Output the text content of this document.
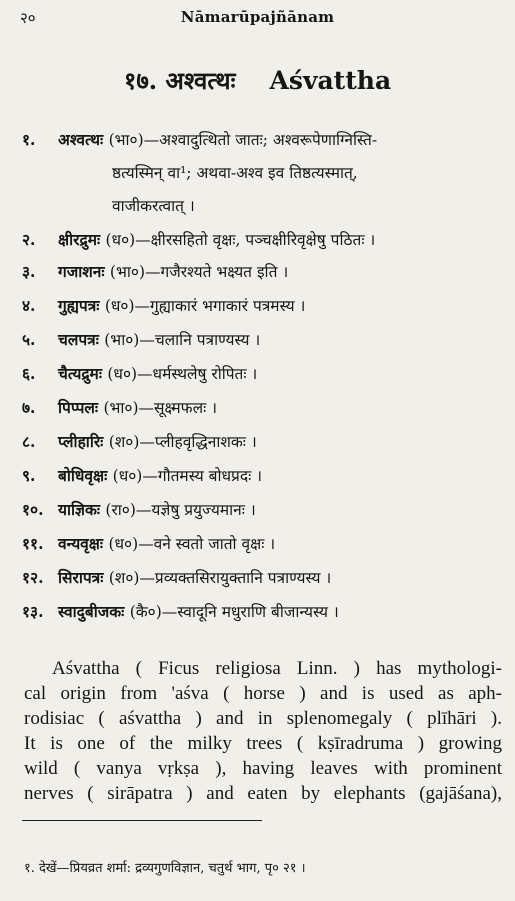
२०	Nāmarūpajñānam
१७. अश्वत्थः Aśvattha
१. अश्वत्थः (भा०)—अश्वादुत्थितो जातः; अश्वरूपेणाग्निस्ति-
ष्ठत्यस्मिन् वा¹; अथवा-अश्व इव तिष्ठत्यस्मात्,
वाजीकरत्वात् ।
२. क्षीरद्रुमः (ध०)—क्षीरसहितो वृक्षः, पञ्चक्षीरिवृक्षेषु पठितः ।
३. गजाशनः (भा०)—गजैरश्यते भक्ष्यत इति ।
४. गुह्यपत्रः (ध०)—गुह्याकारं भगाकारं पत्रमस्य ।
५. चलपत्रः (भा०)—चलानि पत्राण्यस्य ।
६. चैत्यद्रुमः (ध०)—धर्मस्थलेषु रोपितः ।
७. पिप्पलः (भा०)—सूक्ष्मफलः ।
८. प्लीहारिः (श०)—प्लीहवृद्धिनाशकः ।
९. बोधिवृक्षः (ध०)—गौतमस्य बोधप्रदः ।
१०. याज्ञिकः (रा०)—यज्ञेषु प्रयुज्यमानः ।
११. वन्यवृक्षः (ध०)—वने स्वतो जातो वृक्षः ।
१२. सिरापत्रः (श०)—प्रव्यक्तसिरायुक्तानि पत्राण्यस्य ।
१३. स्वादुबीजकः (कै०)—स्वादूनि मधुराणि बीजान्यस्य ।
Aśvattha ( Ficus religiosa Linn. ) has mythologi-
cal origin from 'aśva ( horse ) and is used as aph-
rodisiac ( aśvattha ) and in splenomegaly ( plīhāri ).
It is one of the milky trees ( kṣīradruma ) growing
wild ( vanya vṛkṣa ), having leaves with prominent
nerves ( sirāpatra ) and eaten by elephants (gajāśana),
१. देखें—प्रियव्रत शर्मा: द्रव्यगुणविज्ञान, चतुर्थ भाग, पृ० २१ ।
